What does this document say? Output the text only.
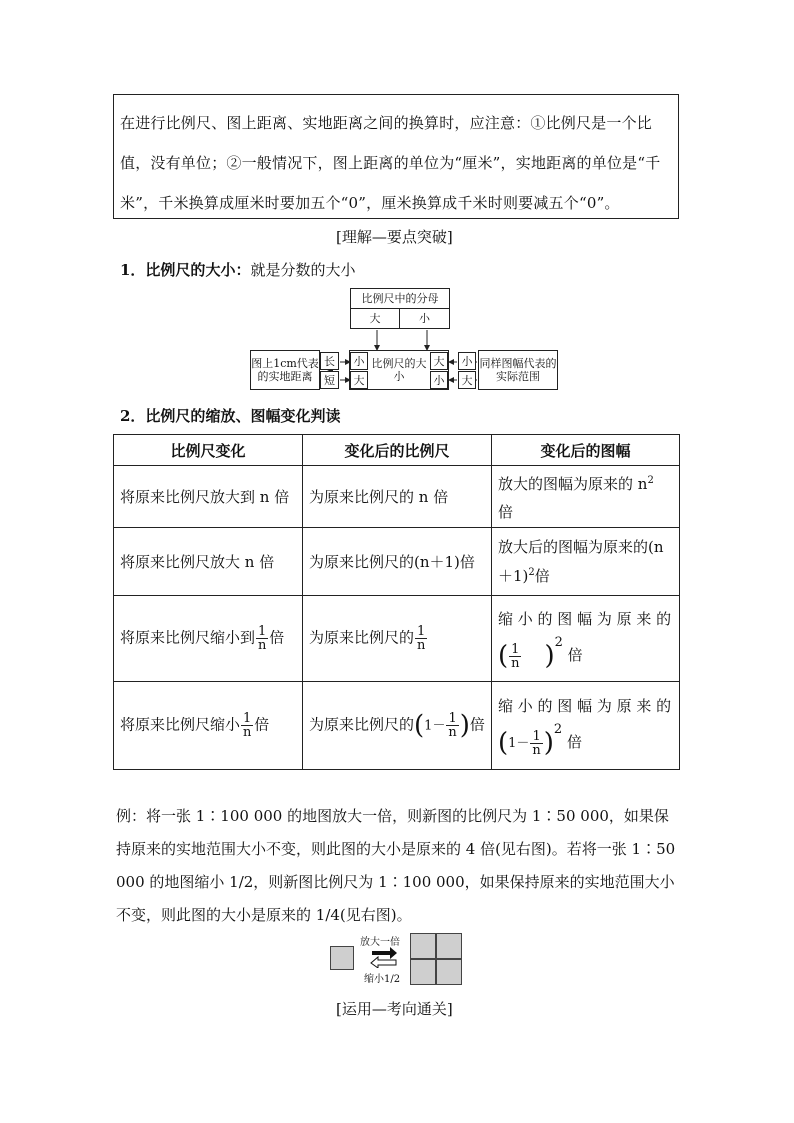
在进行比例尺、图上距离、实地距离之间的换算时，应注意：①比例尺是一个比值，没有单位；②一般情况下，图上距离的单位为“厘米”，实地距离的单位是“千米”，千米换算成厘米时要加五个“0”，厘米换算成千米时则要减五个“0”。
[理解—要点突破]
1．比例尺的大小：就是分数的大小
比例尺中的分母
大	小
图上1cm代表的实地距离
长
短
小
大
比例尺的大小
大
小
小
大
同样图幅代表的实际范围
2．比例尺的缩放、图幅变化判读
比例尺变化	变化后的比例尺	变化后的图幅
将原来比例尺放大到 n 倍	为原来比例尺的 n 倍	放大的图幅为原来的 $n^2$
倍
将原来比例尺放大 n 倍	为原来比例尺的(n＋1)倍	放大后的图幅为原来的(n
＋1)$^2$倍
将原来比例尺缩小到 $\frac{1}{n}$ 倍	为原来比例尺的 $\frac{1}{n}$	缩 小 的 图 幅 为 原 来 的
( $\frac{1}{n} )^2$ 倍
将原来比例尺缩小 $\frac{1}{n}$ 倍	为原来比例尺的($1- \frac{1}{n}$ )倍	缩 小 的 图 幅 为 原 来 的
$(1- \frac{1}{n} )^2$ 倍
例：将一张 1∶100 000 的地图放大一倍，则新图的比例尺为 1∶50 000，如果保持原来的实地范围大小不变，则此图的大小是原来的 4 倍(见右图)。若将一张 1∶50 000 的地图缩小 1/2，则新图比例尺为 1∶100 000，如果保持原来的实地范围大小不变，则此图的大小是原来的 1/4(见右图)。
放大一倍
缩小1/2
[运用—考向通关]
